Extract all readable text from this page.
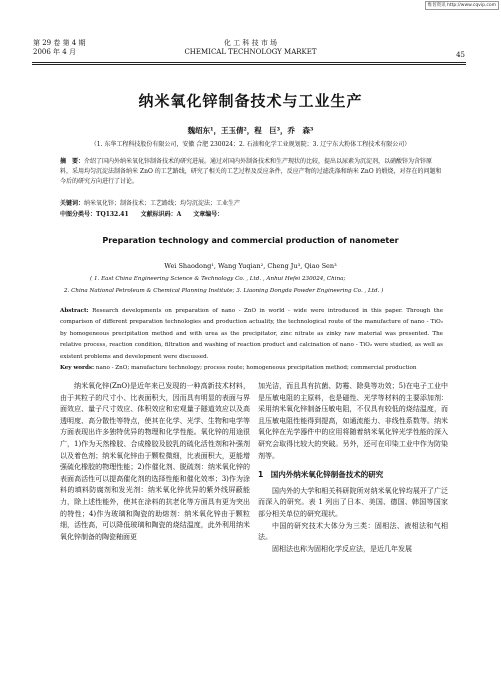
维普资讯 http://www.cqvip.com
第 29 卷 第 4 期
2006 年 4 月
化 工 科 技 市 场
CHEMICAL TECHNOLOGY MARKET	45
纳米氧化锌制备技术与工业生产
魏绍东¹，王玉倩²，程　巨³，乔　森³
（1. 东华工程科技股份有限公司，安徽 合肥 230024；2. 石油和化学工业规划院；3. 辽宁东大粉体工程技术有限公司）
摘　要：介绍了国内外纳米氧化锌制备技术的研究进展。通过对国内外制备技术和生产现状的比较，提出以尿素为沉淀剂，以硝酸锌为含锌原料，采用均匀沉淀法制备纳米 ZnO 的工艺路线，研究了相关的工艺过程及反应条件，反应产物的过滤洗涤和纳米 ZnO 的煅烧，对存在的问题和今后的研究方向进行了讨论。
关键词：纳米氧化锌；制备技术；工艺路线；均匀沉淀法；工业生产
中图分类号：TQ132.41　　文献标识码：A　　文章编号：
Preparation technology and commercial production of nanometer
Wei Shaodong¹, Wang Yuqian², Cheng Ju³, Qiao Sen³
( 1. East China Engineering Science & Technology Co. , Ltd. , Anhui Hefei 230024, China;
2. China National Petroleum & Chemical Planning Institute; 3. Liaoning Dongda Powder Engineering Co. , Ltd. )
Abstract: Research developments on preparation of nano - ZnO in world - wide were introduced in this paper. Through the comparison of different preparation technologies and production actuality, the technological route of the manufacture of nano - TiO₂ by homogeneous precipitation method and with urea as the precipitator, zinc nitrate as zinky raw material was presented. The relative process, reaction condition, filtration and washing of reaction product and calcination of nano - TiO₂ were studied, as well as existent problems and development were discussed.
Key words: nano - ZnO; manufacture technology; process route; homogeneous precipitation method; commercial production

纳米氧化锌(ZnO)是近年来已发现的一种高新技术材料，由于其粒子的尺寸小、比表面积大，因而具有明显的表面与界面效应、量子尺寸效应、体积效应和宏观量子隧道效应以及高透明度、高分散性等特点，使其在化学、光学、生物和电学等方面表现出许多独特优异的物理和化学性能。氧化锌的用途很广，1)作为天然橡胶、合成橡胶及胶乳的硫化活性剂和补强剂以及着色剂；纳米氧化锌由于颗粒微细，比表面积大，更能增强硫化橡胶的物理性能；2)作催化剂、脱硫剂：纳米氧化锌的表面高活性可以提高催化剂的选择性能和催化效率；3)作为涂料的填料防腐剂和发光剂：纳米氧化锌优异的紫外线屏蔽能力，除上述性能外，使其在涂料的抗老化等方面具有更为突出的特性；4)作为玻璃和陶瓷的助熔剂：纳米氧化锌由于颗粒细，活性高，可以降低玻璃和陶瓷的烧结温度，此外利用纳米氧化锌制备的陶瓷釉面更

加光洁，而且具有抗菌、防霉、除臭等功效；5)在电子工业中是压敏电阻的主原料，也是磁性、光学等材料的主要添加剂：采用纳米氧化锌制备压敏电阻，不仅具有较低的烧结温度，而且压敏电阻性能得到提高，如通流能力、非线性系数等。纳米氧化锌在光学器件中的应用将随着纳米氧化锌光学性能的深入研究会取得比较大的突破。另外，还可在印染工业中作为防染剂等。

1　国内外纳米氧化锌制备技术的研究

国内外的大学和相关科研院所对纳米氧化锌均展开了广泛而深入的研究。表 1 列出了日本、美国、德国、韩国等国家部分相关单位的研究现状。

中国的研究技术大体分为三类：固相法、液相法和气相法。

固相法也称为固相化学反应法，是近几年发展
